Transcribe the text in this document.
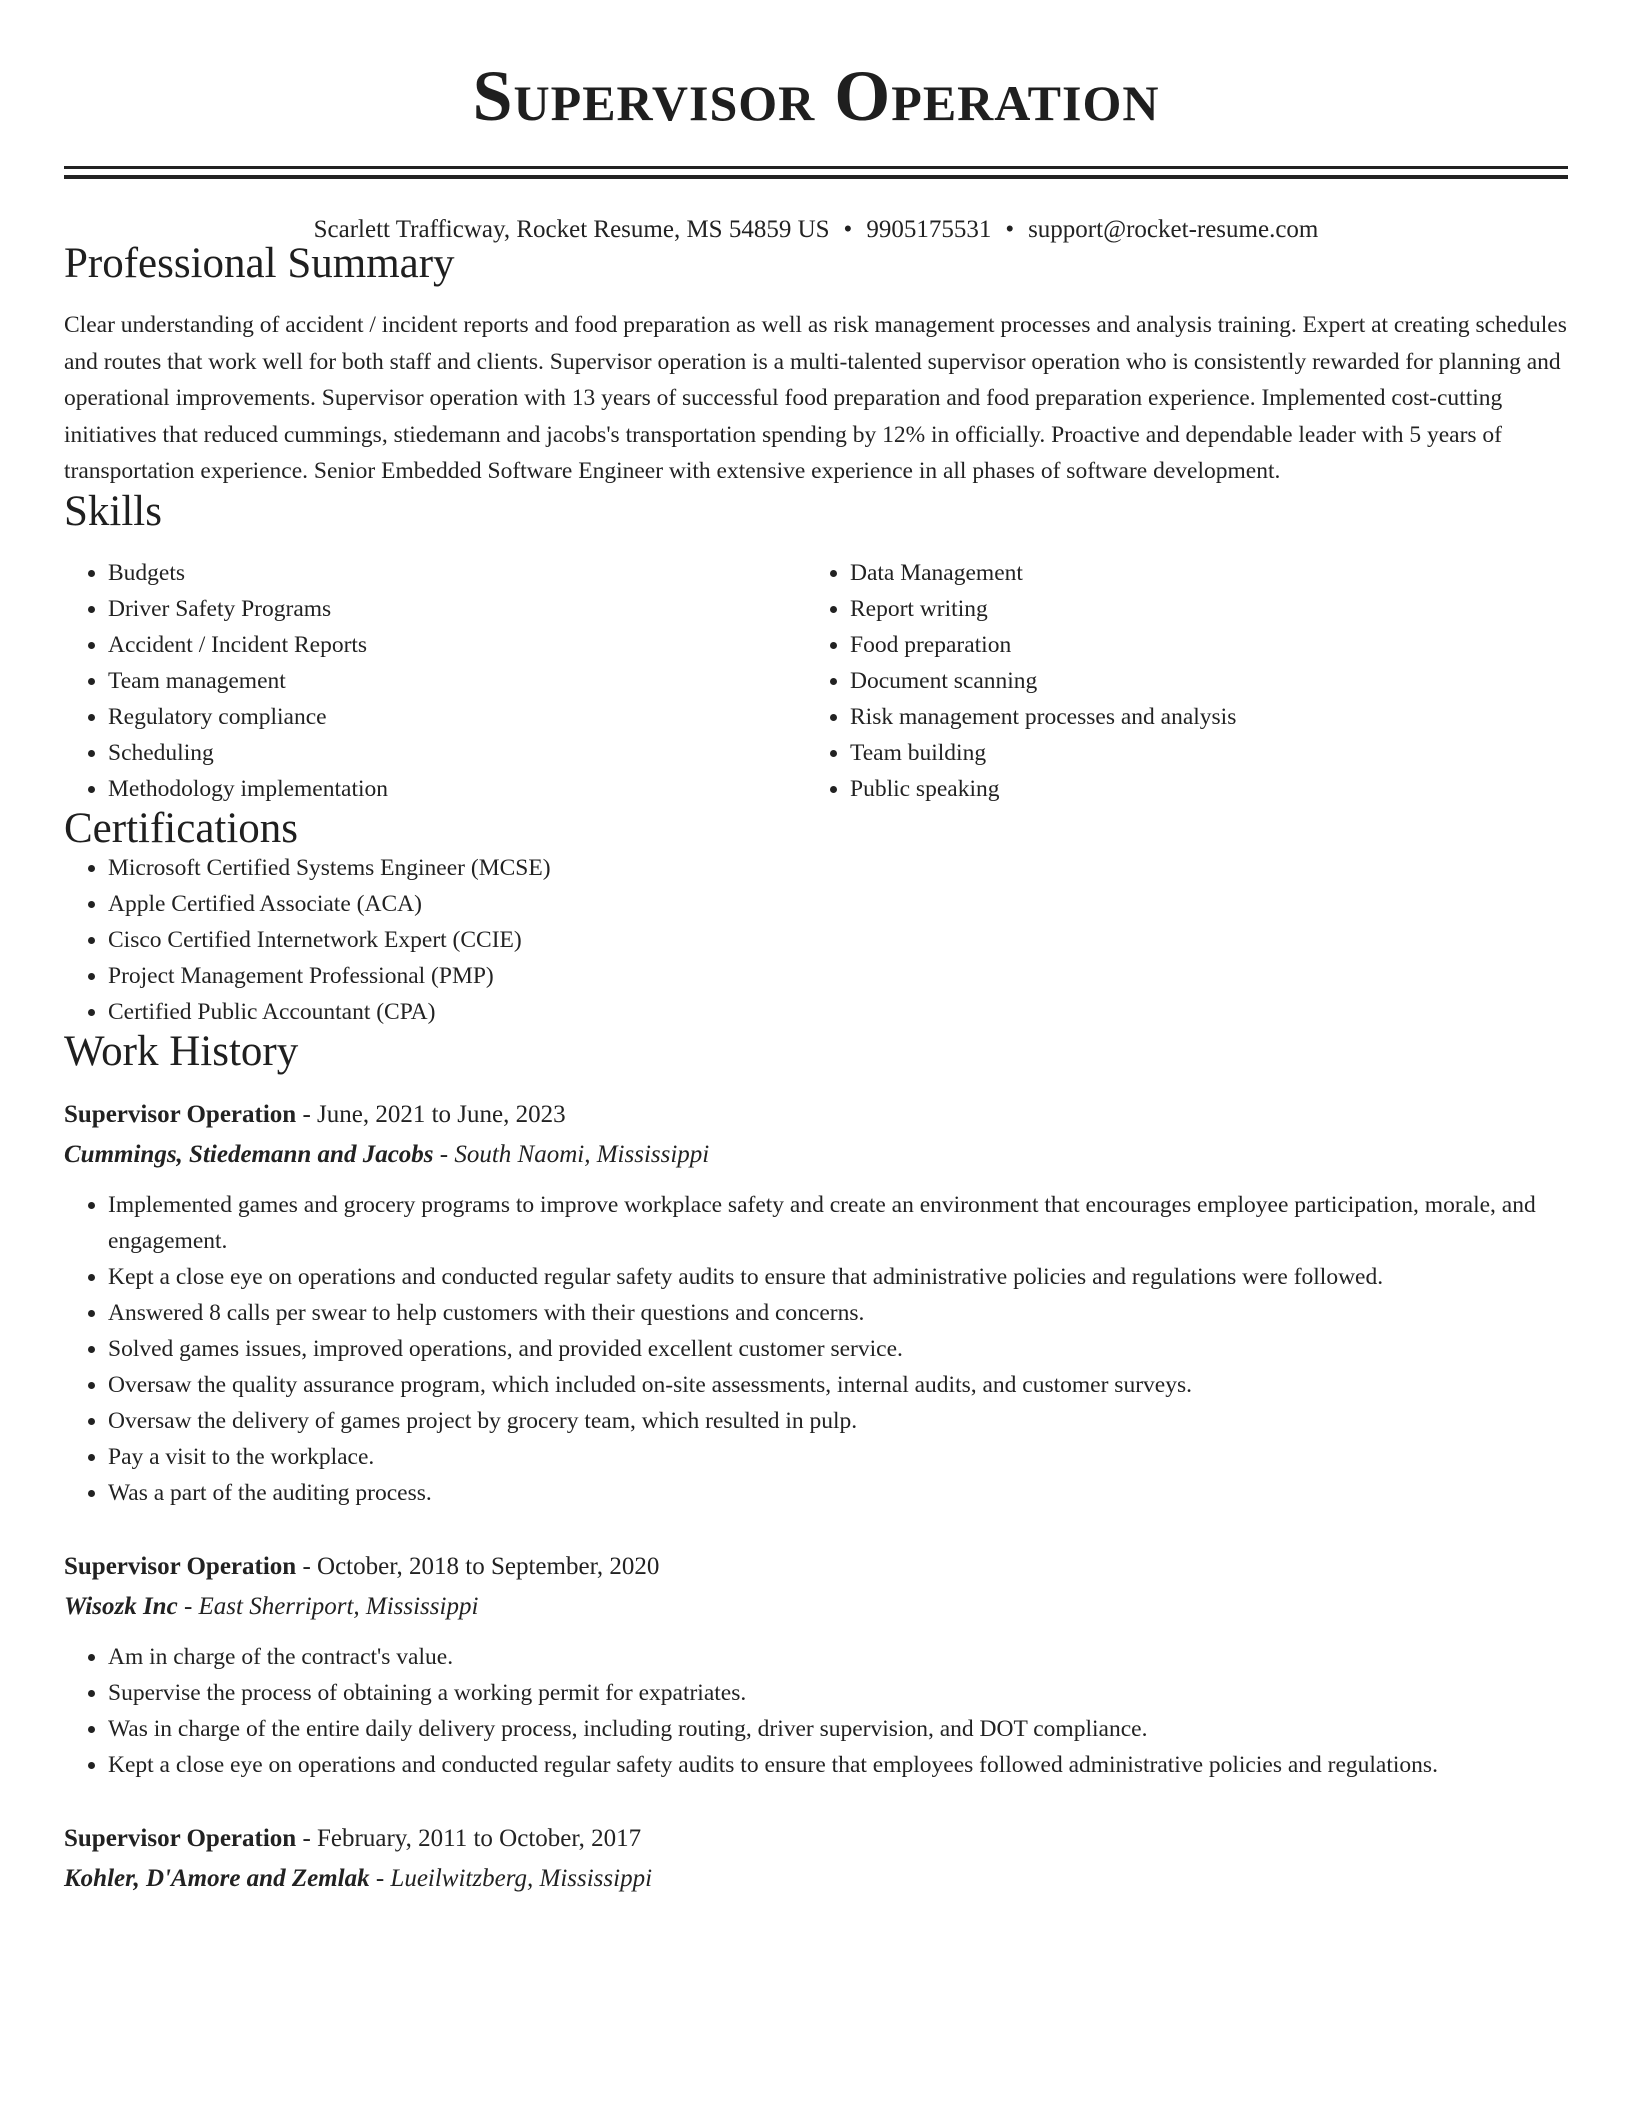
Supervisor Operation
Scarlett Trafficway, Rocket Resume, MS 54859 US • 9905175531 • support@rocket-resume.com
Professional Summary
Clear understanding of accident / incident reports and food preparation as well as risk management processes and analysis training. Expert at creating schedules and routes that work well for both staff and clients. Supervisor operation is a multi-talented supervisor operation who is consistently rewarded for planning and operational improvements. Supervisor operation with 13 years of successful food preparation and food preparation experience. Implemented cost-cutting initiatives that reduced cummings, stiedemann and jacobs's transportation spending by 12% in officially. Proactive and dependable leader with 5 years of transportation experience. Senior Embedded Software Engineer with extensive experience in all phases of software development.
Skills
• Budgets
• Driver Safety Programs
• Accident / Incident Reports
• Team management
• Regulatory compliance
• Scheduling
• Methodology implementation
• Data Management
• Report writing
• Food preparation
• Document scanning
• Risk management processes and analysis
• Team building
• Public speaking
Certifications
• Microsoft Certified Systems Engineer (MCSE)
• Apple Certified Associate (ACA)
• Cisco Certified Internetwork Expert (CCIE)
• Project Management Professional (PMP)
• Certified Public Accountant (CPA)
Work History
Supervisor Operation - June, 2021 to June, 2023
Cummings, Stiedemann and Jacobs - South Naomi, Mississippi
• Implemented games and grocery programs to improve workplace safety and create an environment that encourages employee participation, morale, and engagement.
• Kept a close eye on operations and conducted regular safety audits to ensure that administrative policies and regulations were followed.
• Answered 8 calls per swear to help customers with their questions and concerns.
• Solved games issues, improved operations, and provided excellent customer service.
• Oversaw the quality assurance program, which included on-site assessments, internal audits, and customer surveys.
• Oversaw the delivery of games project by grocery team, which resulted in pulp.
• Pay a visit to the workplace.
• Was a part of the auditing process.
Supervisor Operation - October, 2018 to September, 2020
Wisozk Inc - East Sherriport, Mississippi
• Am in charge of the contract's value.
• Supervise the process of obtaining a working permit for expatriates.
• Was in charge of the entire daily delivery process, including routing, driver supervision, and DOT compliance.
• Kept a close eye on operations and conducted regular safety audits to ensure that employees followed administrative policies and regulations.
Supervisor Operation - February, 2011 to October, 2017
Kohler, D'Amore and Zemlak - Lueilwitzberg, Mississippi
